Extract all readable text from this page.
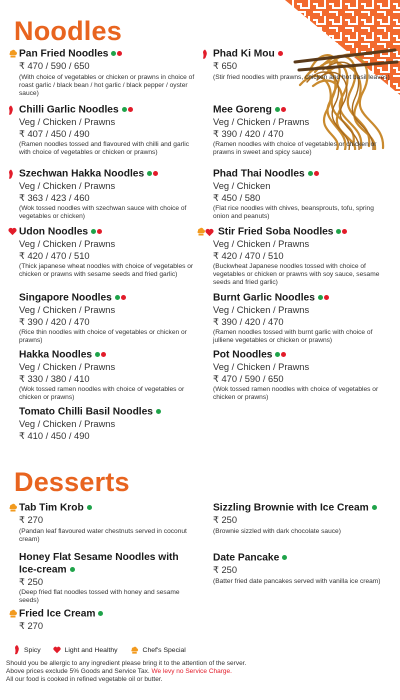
Noodles
Pan Fried Noodles
₹ 470 / 590 / 650
(With choice of vegetables or chicken or prawns in choice of roast garlic / black bean / hot garlic / black pepper / oyster sauce)
Chilli Garlic Noodles
Veg / Chicken / Prawns
₹ 407 / 450 / 490
(Ramen noodles tossed and flavoured with chilli and garlic with choice of vegetables or chicken or prawns)
Szechwan Hakka Noodles
Veg / Chicken / Prawns
₹ 363 / 423 / 460
(Wok tossed noodles with szechwan sauce with choice of vegetables or chicken)
Udon Noodles
Veg / Chicken / Prawns
₹ 420 / 470 / 510
(Thick japanese wheat noodles with choice of vegetables or chicken or prawns with sesame seeds and fried garlic)
Singapore Noodles
Veg / Chicken / Prawns
₹ 390 / 420 / 470
(Rice thin noodles with choice of vegetables or chicken or prawns)
Hakka Noodles
Veg / Chicken / Prawns
₹ 330 / 380 / 410
(Wok tossed ramen noodles with choice of vegetables or chicken or prawns)
Tomato Chilli Basil Noodles
Veg / Chicken / Prawns
₹ 410 / 450 / 490
Phad Ki Mou
₹ 650
(Stir fried noodles with prawns, chicken and hot basil leaves)
Mee Goreng
Veg / Chicken / Prawns
₹ 390 / 420 / 470
(Ramen noodles with choice of vegetables or chicken or prawns in sweet and spicy sauce)
Phad Thai Noodles
Veg / Chicken
₹ 450 / 580
(Flat rice noodles with chives, beansprouts, tofu, spring onion and peanuts)
Stir Fried Soba Noodles
Veg / Chicken / Prawns
₹ 420 / 470 / 510
(Buckwheat Japanese noodles tossed with choice of vegetables or chicken or prawns with soy sauce, sesame seeds and fried garlic)
Burnt Garlic Noodles
Veg / Chicken / Prawns
₹ 390 / 420 / 470
(Ramen noodles tossed with burnt garlic with choice of julliene vegetables or chicken or prawns)
Pot Noodles
Veg / Chicken / Prawns
₹ 470 / 590 / 650
(Wok tossed ramen noodles with choice of vegetables or chicken or prawns)
Desserts
Tab Tim Krob
₹ 270
(Pandan leaf flavoured water chestnuts served in coconut cream)
Honey Flat Sesame Noodles with Ice-cream
₹ 250
(Deep fried flat noodles tossed with honey and sesame seeds)
Fried Ice Cream
₹ 270
Sizzling Brownie with Ice Cream
₹ 250
(Brownie sizzled with dark chocolate sauce)
Date Pancake
₹ 250
(Batter fried date pancakes served with vanilla ice cream)
Spicy	Light and Healthy	Chef's Special
Should you be allergic to any ingredient please bring it to the attention of the server.
Above prices exclude 5% Goods and Service Tax. We levy no Service Charge.
All our food is cooked in refined vegetable oil or butter.
